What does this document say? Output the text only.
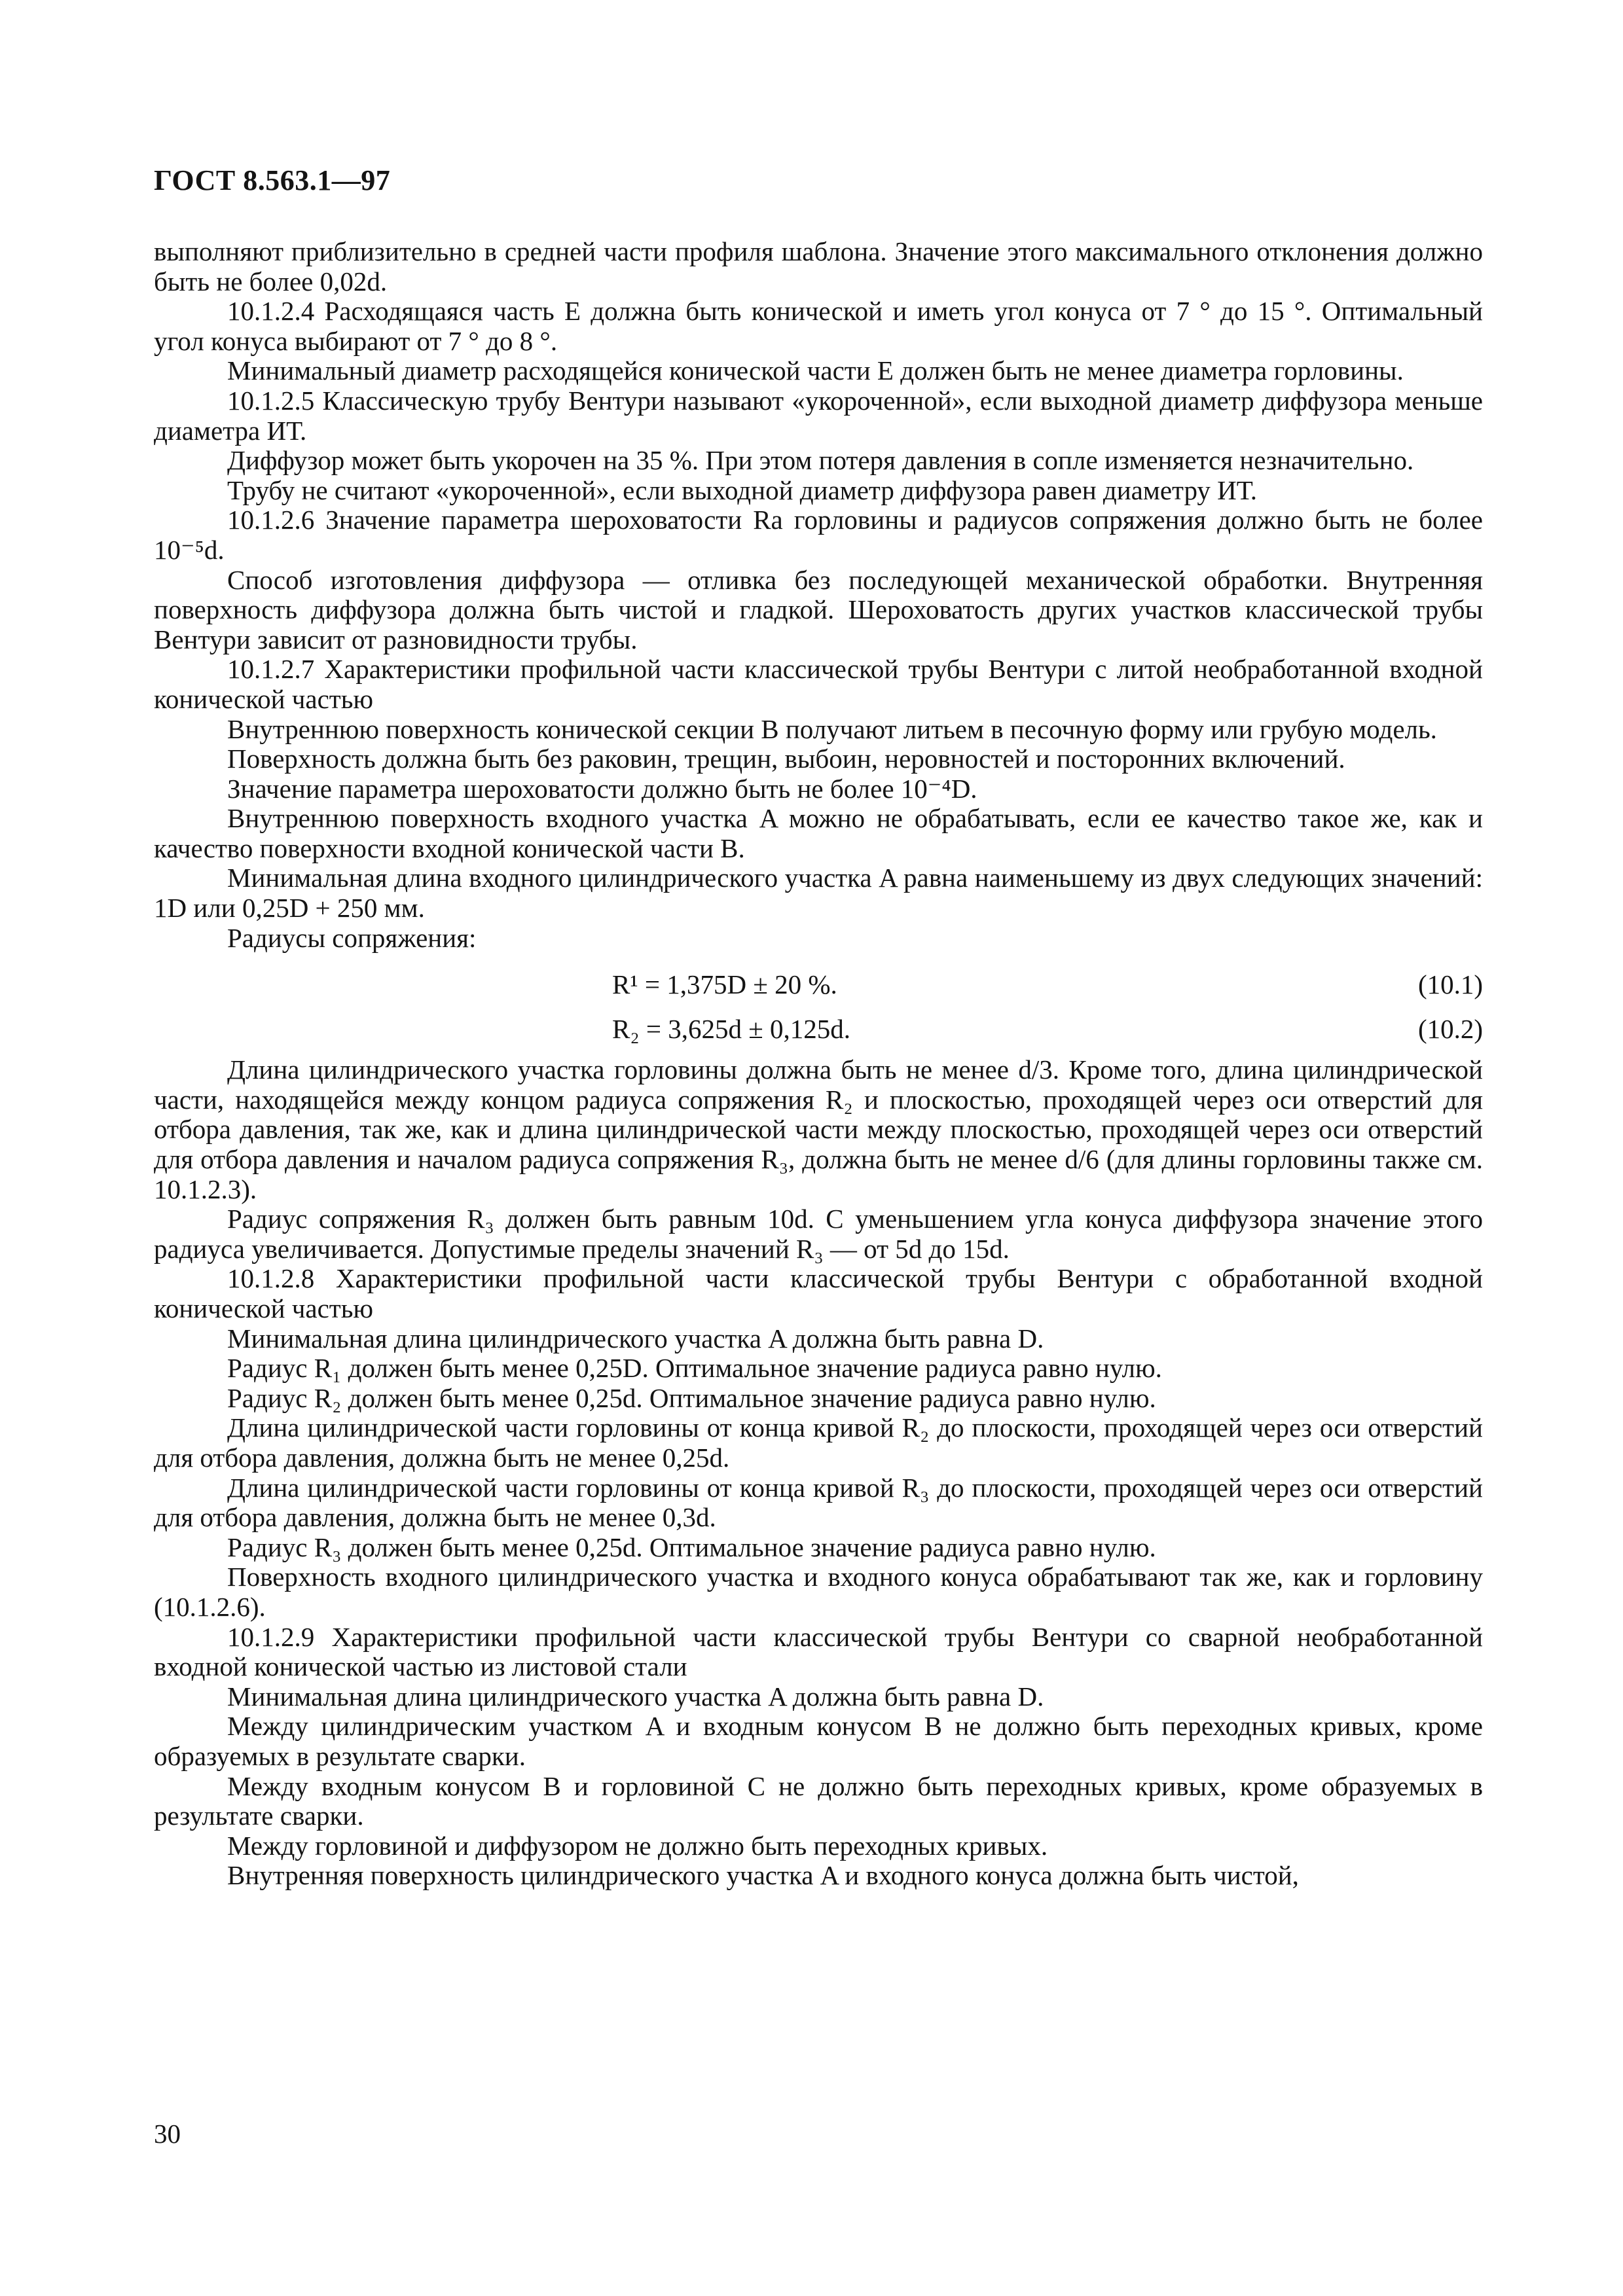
ГОСТ 8.563.1—97

выполняют приблизительно в средней части профиля шаблона. Значение этого максимального отклонения должно быть не более 0,02d.

10.1.2.4 Расходящаяся часть E должна быть конической и иметь угол конуса от 7 ° до 15 °. Оптимальный угол конуса выбирают от 7 ° до 8 °.

Минимальный диаметр расходящейся конической части E должен быть не менее диаметра горловины.

10.1.2.5 Классическую трубу Вентури называют «укороченной», если выходной диаметр диффузора меньше диаметра ИТ.

Диффузор может быть укорочен на 35 %. При этом потеря давления в сопле изменяется незначительно.

Трубу не считают «укороченной», если выходной диаметр диффузора равен диаметру ИТ.

10.1.2.6 Значение параметра шероховатости Ra горловины и радиусов сопряжения должно быть не более 10⁻⁵d.

Способ изготовления диффузора — отливка без последующей механической обработки. Внутренняя поверхность диффузора должна быть чистой и гладкой. Шероховатость других участков классической трубы Вентури зависит от разновидности трубы.

10.1.2.7 Характеристики профильной части классической трубы Вентури с литой необработанной входной конической частью

Внутреннюю поверхность конической секции B получают литьем в песочную форму или грубую модель.

Поверхность должна быть без раковин, трещин, выбоин, неровностей и посторонних включений.

Значение параметра шероховатости должно быть не более 10⁻⁴D.

Внутреннюю поверхность входного участка A можно не обрабатывать, если ее качество такое же, как и качество поверхности входной конической части B.

Минимальная длина входного цилиндрического участка A равна наименьшему из двух следующих значений: 1D или 0,25D + 250 мм.

Радиусы сопряжения:

R¹ = 1,375D ± 20 %.	(10.1)
R₂ = 3,625d ± 0,125d.	(10.2)

Длина цилиндрического участка горловины должна быть не менее d/3. Кроме того, длина цилиндрической части, находящейся между концом радиуса сопряжения R₂ и плоскостью, проходящей через оси отверстий для отбора давления, так же, как и длина цилиндрической части между плоскостью, проходящей через оси отверстий для отбора давления и началом радиуса сопряжения R₃, должна быть не менее d/6 (для длины горловины также см. 10.1.2.3).

Радиус сопряжения R₃ должен быть равным 10d. С уменьшением угла конуса диффузора значение этого радиуса увеличивается. Допустимые пределы значений R₃ — от 5d до 15d.

10.1.2.8 Характеристики профильной части классической трубы Вентури с обработанной входной конической частью

Минимальная длина цилиндрического участка A должна быть равна D.

Радиус R₁ должен быть менее 0,25D. Оптимальное значение радиуса равно нулю.

Радиус R₂ должен быть менее 0,25d. Оптимальное значение радиуса равно нулю.

Длина цилиндрической части горловины от конца кривой R₂ до плоскости, проходящей через оси отверстий для отбора давления, должна быть не менее 0,25d.

Длина цилиндрической части горловины от конца кривой R₃ до плоскости, проходящей через оси отверстий для отбора давления, должна быть не менее 0,3d.

Радиус R₃ должен быть менее 0,25d. Оптимальное значение радиуса равно нулю.

Поверхность входного цилиндрического участка и входного конуса обрабатывают так же, как и горловину (10.1.2.6).

10.1.2.9 Характеристики профильной части классической трубы Вентури со сварной необработанной входной конической частью из листовой стали

Минимальная длина цилиндрического участка A должна быть равна D.

Между цилиндрическим участком A и входным конусом B не должно быть переходных кривых, кроме образуемых в результате сварки.

Между входным конусом B и горловиной C не должно быть переходных кривых, кроме образуемых в результате сварки.

Между горловиной и диффузором не должно быть переходных кривых.

Внутренняя поверхность цилиндрического участка A и входного конуса должна быть чистой,

30
